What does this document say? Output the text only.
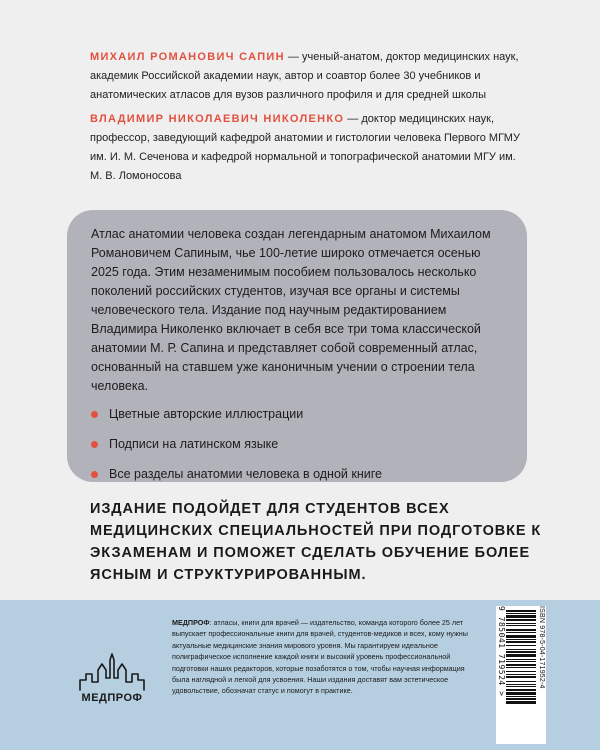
МИХАИЛ РОМАНОВИЧ САПИН — ученый-анатом, доктор медицинских наук, академик Российской академии наук, автор и соавтор более 30 учебников и анатомических атласов для вузов различного профиля и для средней школы
ВЛАДИМИР НИКОЛАЕВИЧ НИКОЛЕНКО — доктор медицинских наук, профессор, заведующий кафедрой анатомии и гистологии человека Первого МГМУ им. И. М. Сеченова и кафедрой нормальной и топографической анатомии МГУ им. М. В. Ломоносова

Атлас анатомии человека создан легендарным анатомом Михаилом Романовичем Сапиным, чье 100-летие широко отмечается осенью 2025 года. Этим незаменимым пособием пользовалось несколько поколений российских студентов, изучая все органы и системы человеческого тела. Издание под научным редактированием Владимира Николенко включает в себя все три тома классической анатомии М. Р. Сапина и представляет собой современный атлас, основанный на ставшем уже каноничным учении о строении тела человека.

Цветные авторские иллюстрации
Подписи на латинском языке
Все разделы анатомии человека в одной книге

ИЗДАНИЕ ПОДОЙДЕТ ДЛЯ СТУДЕНТОВ ВСЕХ МЕДИЦИНСКИХ СПЕЦИАЛЬНОСТЕЙ ПРИ ПОДГОТОВКЕ К ЭКЗАМЕНАМ И ПОМОЖЕТ СДЕЛАТЬ ОБУЧЕНИЕ БОЛЕЕ ЯСНЫМ И СТРУКТУРИРОВАННЫМ.

МЕДПРОФ

МЕДПРОФ: атласы, книги для врачей — издательство, команда которого более 25 лет выпускает профессиональные книги для врачей, студентов-медиков и всех, кому нужны актуальные медицинские знания мирового уровня. Мы гарантируем идеальное полиграфическое исполнение каждой книги и высокий уровень профессиональной подготовки наших редакторов, которые позаботятся о том, чтобы научная информация была наглядной и легкой для усвоения. Наши издания доставят вам эстетическое удовольствие, обозначат статус и помогут в практике.

ISBN 978-5-04-171952-4
9 785041 719524 >
